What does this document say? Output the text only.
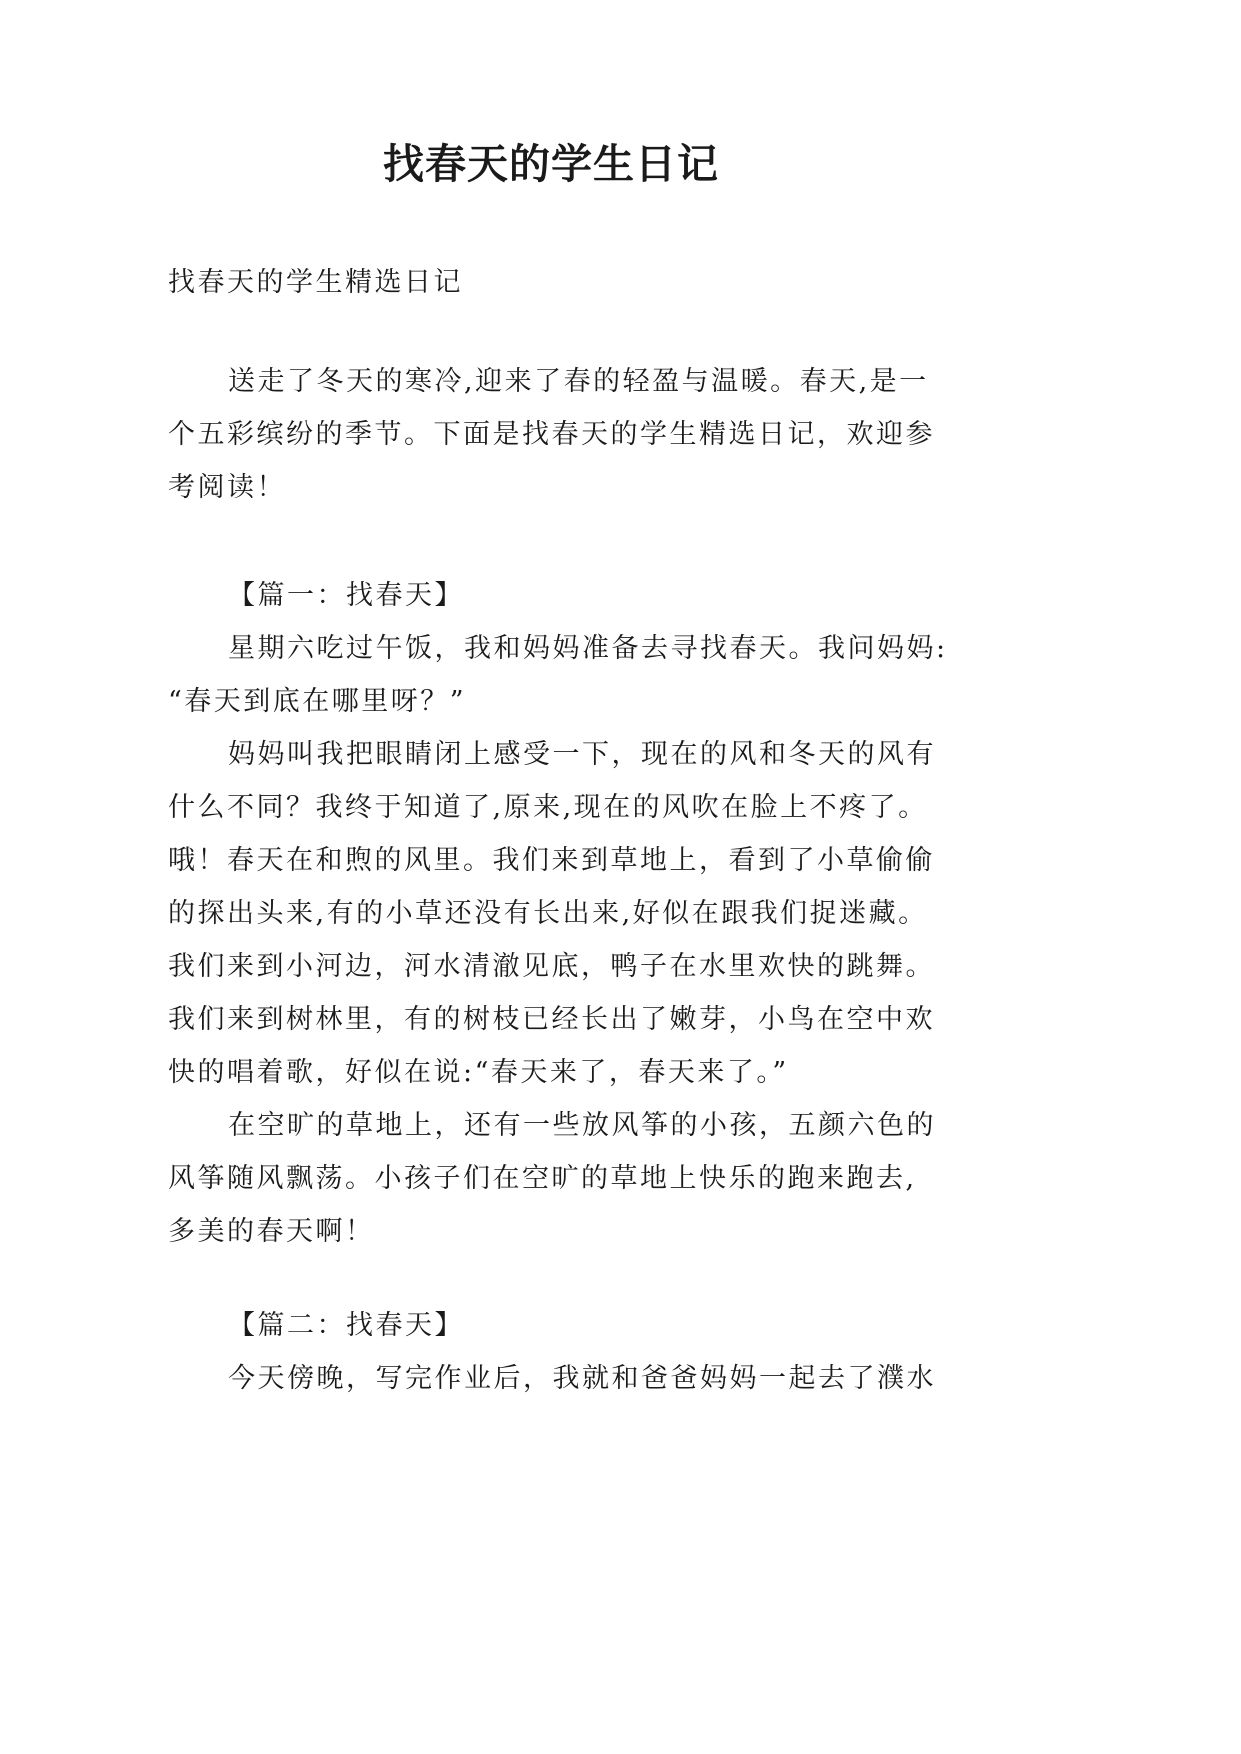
找春天的学生日记
找春天的学生精选日记
送走了冬天的寒冷,迎来了春的轻盈与温暖。春天,是一
个五彩缤纷的季节。下面是找春天的学生精选日记，欢迎参
考阅读！
【篇一：找春天】
星期六吃过午饭，我和妈妈准备去寻找春天。我问妈妈:
“春天到底在哪里呀？”
妈妈叫我把眼睛闭上感受一下，现在的风和冬天的风有
什么不同？我终于知道了,原来,现在的风吹在脸上不疼了。
哦！春天在和煦的风里。我们来到草地上，看到了小草偷偷
的探出头来,有的小草还没有长出来,好似在跟我们捉迷藏。
我们来到小河边，河水清澈见底，鸭子在水里欢快的跳舞。
我们来到树林里，有的树枝已经长出了嫩芽，小鸟在空中欢
快的唱着歌，好似在说:“春天来了，春天来了。”
在空旷的草地上，还有一些放风筝的小孩，五颜六色的
风筝随风飘荡。小孩子们在空旷的草地上快乐的跑来跑去,
多美的春天啊！
【篇二：找春天】
今天傍晚，写完作业后，我就和爸爸妈妈一起去了濮水
